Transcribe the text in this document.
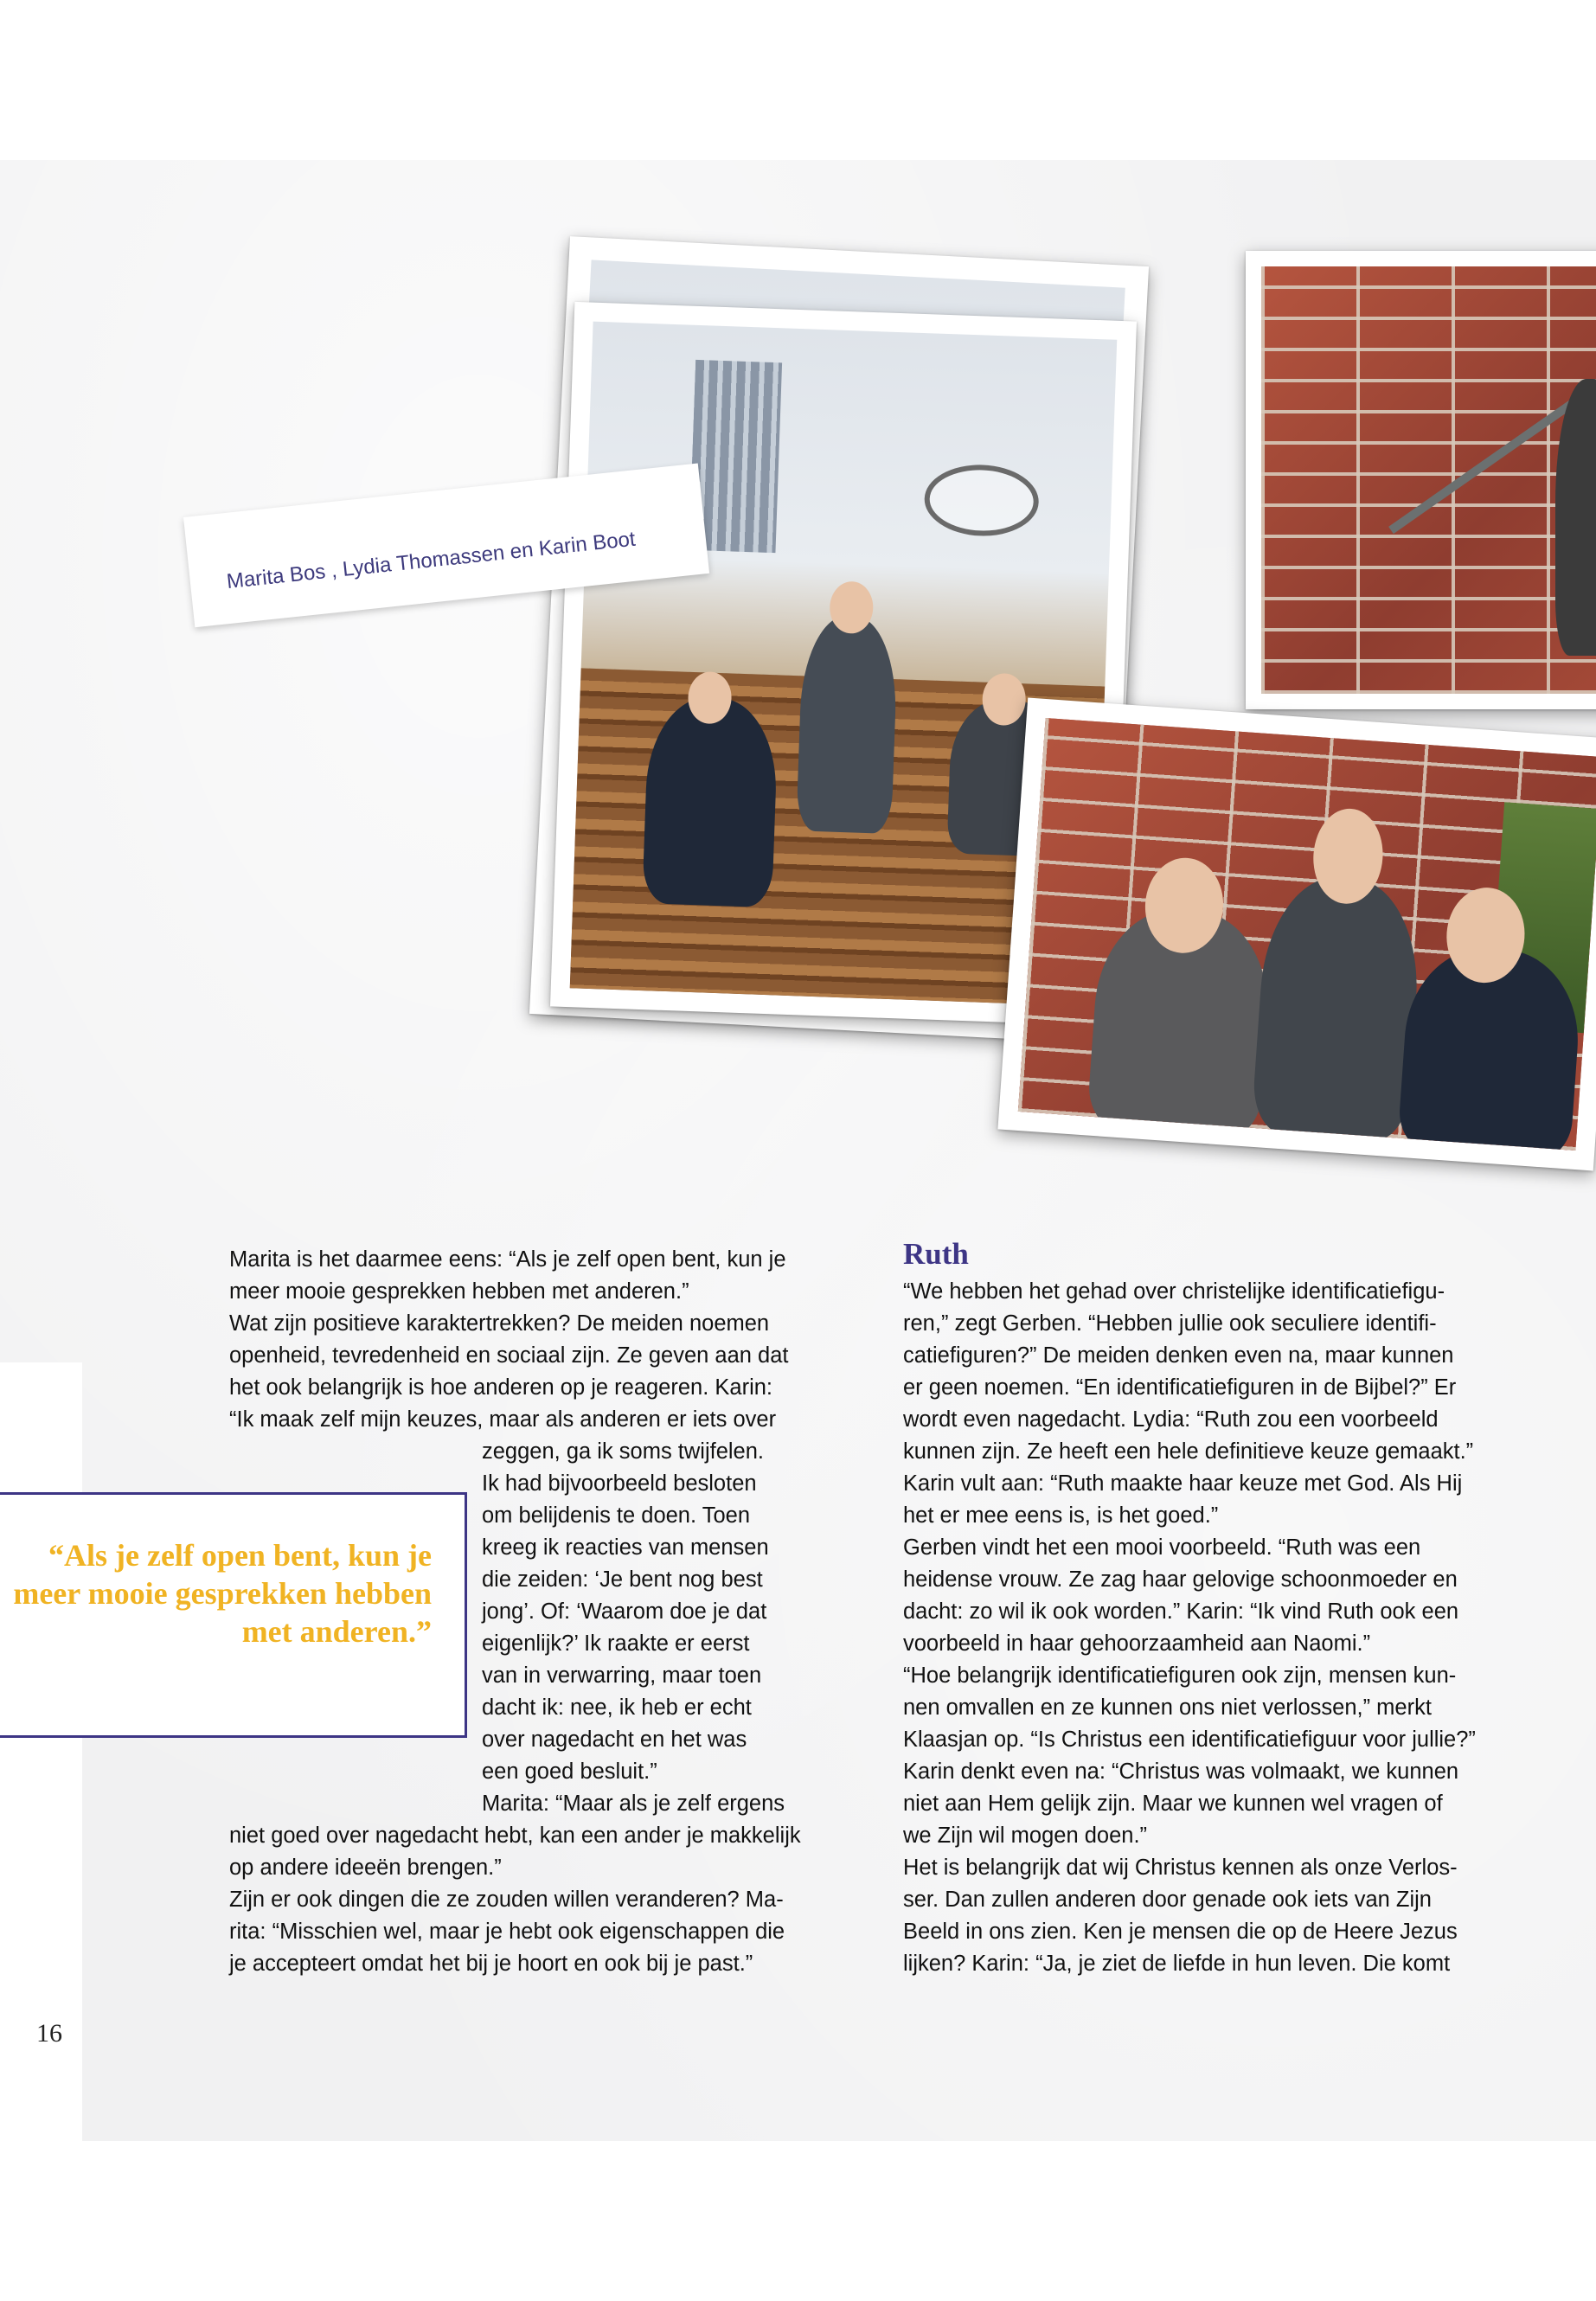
Marita Bos , Lydia Thomassen en Karin Boot

Marita is het daarmee eens: “Als je zelf open bent, kun je

meer mooie gesprekken hebben met anderen.”

Wat zijn positieve karaktertrekken? De meiden noemen

openheid, tevredenheid en sociaal zijn. Ze geven aan dat

het ook belangrijk is hoe anderen op je reageren. Karin:

“Ik maak zelf mijn keuzes, maar als anderen er iets over

zeggen, ga ik soms twijfelen.

Ik had bijvoorbeeld besloten

om belijdenis te doen. Toen

kreeg ik reacties van mensen

die zeiden: ‘Je bent nog best

jong’. Of: ‘Waarom doe je dat

eigenlijk?’ Ik raakte er eerst

van in verwarring, maar toen

dacht ik: nee, ik heb er echt

over nagedacht en het was

een goed besluit.”

Marita: “Maar als je zelf ergens

niet goed over nagedacht hebt, kan een ander je makkelijk

op andere ideeën brengen.”

Zijn er ook dingen die ze zouden willen veranderen? Ma-

rita: “Misschien wel, maar je hebt ook eigenschappen die

je accepteert omdat het bij je hoort en ook bij je past.”

“Als je zelf open bent, kun je meer mooie gesprekken hebben met anderen.”
Ruth

“We hebben het gehad over christelijke identificatiefigu-

ren,” zegt Gerben. “Hebben jullie ook seculiere identifi-

catiefiguren?” De meiden denken even na, maar kunnen

er geen noemen. “En identificatiefiguren in de Bijbel?” Er

wordt even nagedacht. Lydia: “Ruth zou een voorbeeld

kunnen zijn. Ze heeft een hele definitieve keuze gemaakt.”

Karin vult aan: “Ruth maakte haar keuze met God. Als Hij

het er mee eens is, is het goed.”

Gerben vindt het een mooi voorbeeld. “Ruth was een

heidense vrouw. Ze zag haar gelovige schoonmoeder en

dacht: zo wil ik ook worden.” Karin: “Ik vind Ruth ook een

voorbeeld in haar gehoorzaamheid aan Naomi.”

“Hoe belangrijk identificatiefiguren ook zijn, mensen kun-

nen omvallen en ze kunnen ons niet verlossen,” merkt

Klaasjan op. “Is Christus een identificatiefiguur voor jullie?”

Karin denkt even na: “Christus was volmaakt, we kunnen

niet aan Hem gelijk zijn. Maar we kunnen wel vragen of

we Zijn wil mogen doen.”

Het is belangrijk dat wij Christus kennen als onze Verlos-

ser. Dan zullen anderen door genade ook iets van Zijn

Beeld in ons zien. Ken je mensen die op de Heere Jezus

lijken? Karin: “Ja, je ziet de liefde in hun leven. Die komt

16
